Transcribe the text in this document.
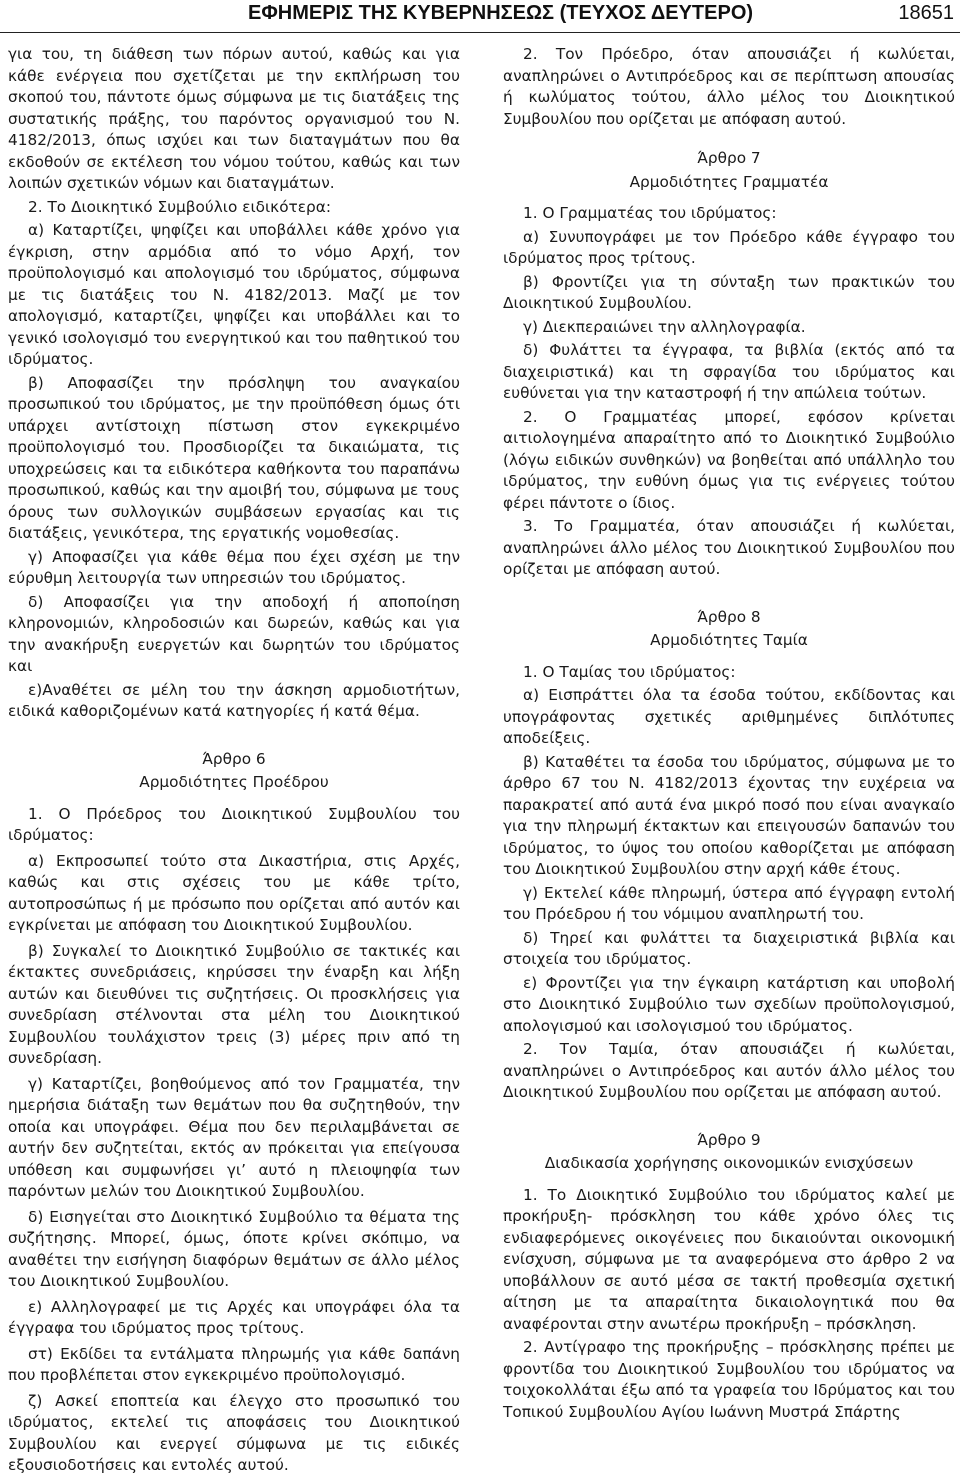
ΕΦΗΜΕΡΙΣ ΤΗΣ ΚΥΒΕΡΝΗΣΕΩΣ (ΤΕΥΧΟΣ ΔΕΥΤΕΡΟ)	18651

για του, τη διάθεση των πόρων αυτού, καθώς και για κάθε ενέργεια που σχετίζεται με την εκπλήρωση του σκοπού του, πάντοτε όμως σύμφωνα με τις διατάξεις της συστατικής πράξης, του παρόντος οργανισμού του Ν. 4182/2013, όπως ισχύει και των διαταγμάτων που θα εκδοθούν σε εκτέλεση του νόμου τούτου, καθώς και των λοιπών σχετικών νόμων και διαταγμάτων.

2. Το Διοικητικό Συμβούλιο ειδικότερα:

α) Καταρτίζει, ψηφίζει και υποβάλλει κάθε χρόνο για έγκριση, στην αρμόδια από το νόμο Αρχή, τον προϋπολογισμό και απολογισμό του ιδρύματος, σύμφωνα με τις διατάξεις του Ν. 4182/2013. Μαζί με τον απολογισμό, καταρτίζει, ψηφίζει και υποβάλλει και το γενικό ισολογισμό του ενεργητικού και του παθητικού του ιδρύματος.

β) Αποφασίζει την πρόσληψη του αναγκαίου προσωπικού του ιδρύματος, με την προϋπόθεση όμως ότι υπάρχει αντίστοιχη πίστωση στον εγκεκριμένο προϋπολογισμό του. Προσδιορίζει τα δικαιώματα, τις υποχρεώσεις και τα ειδικότερα καθήκοντα του παραπάνω προσωπικού, καθώς και την αμοιβή του, σύμφωνα με τους όρους των συλλογικών συμβάσεων εργασίας και τις διατάξεις, γενικότερα, της εργατικής νομοθεσίας.

γ) Αποφασίζει για κάθε θέμα που έχει σχέση με την εύρυθμη λειτουργία των υπηρεσιών του ιδρύματος.

δ) Αποφασίζει για την αποδοχή ή αποποίηση κληρονομιών, κληροδοσιών και δωρεών, καθώς και για την ανακήρυξη ευεργετών και δωρητών του ιδρύματος και

ε)Αναθέτει σε μέλη του την άσκηση αρμοδιοτήτων, ειδικά καθοριζομένων κατά κατηγορίες ή κατά θέμα.

Άρθρο 6
Αρμοδιότητες Προέδρου

1. Ο Πρόεδρος του Διοικητικού Συμβουλίου του ιδρύματος:

α) Εκπροσωπεί τούτο στα Δικαστήρια, στις Αρχές, καθώς και στις σχέσεις του με κάθε τρίτο, αυτοπροσώπως ή με πρόσωπο που ορίζεται από αυτόν και εγκρίνεται με απόφαση του Διοικητικού Συμβουλίου.

β) Συγκαλεί το Διοικητικό Συμβούλιο σε τακτικές και έκτακτες συνεδριάσεις, κηρύσσει την έναρξη και λήξη αυτών και διευθύνει τις συζητήσεις. Οι προσκλήσεις για συνεδρίαση στέλνονται στα μέλη του Διοικητικού Συμβουλίου τουλάχιστον τρεις (3) μέρες πριν από τη συνεδρίαση.

γ) Καταρτίζει, βοηθούμενος από τον Γραμματέα, την ημερήσια διάταξη των θεμάτων που θα συζητηθούν, την οποία και υπογράφει. Θέμα που δεν περιλαμβάνεται σε αυτήν δεν συζητείται, εκτός αν πρόκειται για επείγουσα υπόθεση και συμφωνήσει γι’ αυτό η πλειοψηφία των παρόντων μελών του Διοικητικού Συμβουλίου.

δ) Εισηγείται στο Διοικητικό Συμβούλιο τα θέματα της συζήτησης. Μπορεί, όμως, όποτε κρίνει σκόπιμο, να αναθέτει την εισήγηση διαφόρων θεμάτων σε άλλο μέλος του Διοικητικού Συμβουλίου.

ε) Αλληλογραφεί με τις Αρχές και υπογράφει όλα τα έγγραφα του ιδρύματος προς τρίτους.

στ) Εκδίδει τα εντάλματα πληρωμής για κάθε δαπάνη που προβλέπεται στον εγκεκριμένο προϋπολογισμό.

ζ) Ασκεί εποπτεία και έλεγχο στο προσωπικό του ιδρύματος, εκτελεί τις αποφάσεις του Διοικητικού Συμβουλίου και ενεργεί σύμφωνα με τις ειδικές εξουσιοδοτήσεις και εντολές αυτού.

2. Τον Πρόεδρο, όταν απουσιάζει ή κωλύεται, αναπληρώνει ο Αντιπρόεδρος και σε περίπτωση απουσίας ή κωλύματος τούτου, άλλο μέλος του Διοικητικού Συμβουλίου που ορίζεται με απόφαση αυτού.

Άρθρο 7
Αρμοδιότητες Γραμματέα

1. Ο Γραμματέας του ιδρύματος:

α) Συνυπογράφει με τον Πρόεδρο κάθε έγγραφο του ιδρύματος προς τρίτους.

β) Φροντίζει για τη σύνταξη των πρακτικών του Διοικητικού Συμβουλίου.

γ) Διεκπεραιώνει την αλληλογραφία.

δ) Φυλάττει τα έγγραφα, τα βιβλία (εκτός από τα διαχειριστικά) και τη σφραγίδα του ιδρύματος και ευθύνεται για την καταστροφή ή την απώλεια τούτων.

2. Ο Γραμματέας μπορεί, εφόσον κρίνεται αιτιολογημένα απαραίτητο από το Διοικητικό Συμβούλιο (λόγω ειδικών συνθηκών) να βοηθείται από υπάλληλο του ιδρύματος, την ευθύνη όμως για τις ενέργειες τούτου φέρει πάντοτε ο ίδιος.

3. Το Γραμματέα, όταν απουσιάζει ή κωλύεται, αναπληρώνει άλλο μέλος του Διοικητικού Συμβουλίου που ορίζεται με απόφαση αυτού.

Άρθρο 8
Αρμοδιότητες Ταμία

1. Ο Ταμίας του ιδρύματος:

α) Εισπράττει όλα τα έσοδα τούτου, εκδίδοντας και υπογράφοντας σχετικές αριθμημένες διπλότυπες αποδείξεις.

β) Καταθέτει τα έσοδα του ιδρύματος, σύμφωνα με το άρθρο 67 του Ν. 4182/2013 έχοντας την ευχέρεια να παρακρατεί από αυτά ένα μικρό ποσό που είναι αναγκαίο για την πληρωμή έκτακτων και επειγουσών δαπανών του ιδρύματος, το ύψος του οποίου καθορίζεται με απόφαση του Διοικητικού Συμβουλίου στην αρχή κάθε έτους.

γ) Εκτελεί κάθε πληρωμή, ύστερα από έγγραφη εντολή του Πρόεδρου ή του νόμιμου αναπληρωτή του.

δ) Τηρεί και φυλάττει τα διαχειριστικά βιβλία και στοιχεία του ιδρύματος.

ε) Φροντίζει για την έγκαιρη κατάρτιση και υποβολή στο Διοικητικό Συμβούλιο των σχεδίων προϋπολογισμού, απολογισμού και ισολογισμού του ιδρύματος.

2. Τον Ταμία, όταν απουσιάζει ή κωλύεται, αναπληρώνει ο Αντιπρόεδρος και αυτόν άλλο μέλος του Διοικητικού Συμβουλίου που ορίζεται με απόφαση αυτού.

Άρθρο 9
Διαδικασία χορήγησης οικονομικών ενισχύσεων

1. Το Διοικητικό Συμβούλιο του ιδρύματος καλεί με προκήρυξη- πρόσκληση του κάθε χρόνο όλες τις ενδιαφερόμενες οικογένειες που δικαιούνται οικονομική ενίσχυση, σύμφωνα με τα αναφερόμενα στο άρθρο 2 να υποβάλλουν σε αυτό μέσα σε τακτή προθεσμία σχετική αίτηση με τα απαραίτητα δικαιολογητικά που θα αναφέρονται στην ανωτέρω προκήρυξη – πρόσκληση.

2. Αντίγραφο της προκήρυξης – πρόσκλησης πρέπει με φροντίδα του Διοικητικού Συμβουλίου του ιδρύματος να τοιχοκολλάται έξω από τα γραφεία του Ιδρύματος και του Τοπικού Συμβουλίου Αγίου Ιωάννη Μυστρά Σπάρτης
